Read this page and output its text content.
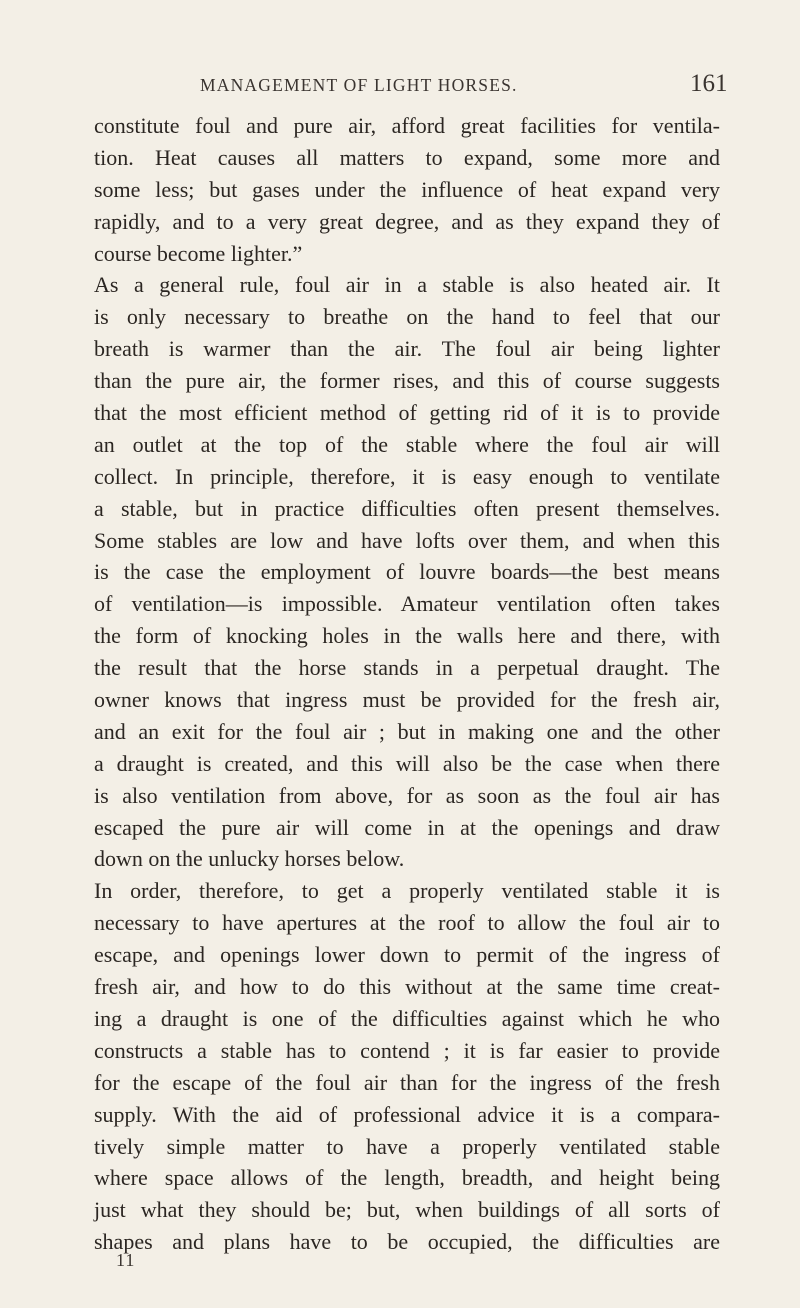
MANAGEMENT OF LIGHT HORSES.	161
constitute foul and pure air, afford great facilities for ventila-
tion. Heat causes all matters to expand, some more and
some less; but gases under the influence of heat expand very
rapidly, and to a very great degree, and as they expand they of
course become lighter.”
As a general rule, foul air in a stable is also heated air. It
is only necessary to breathe on the hand to feel that our
breath is warmer than the air. The foul air being lighter
than the pure air, the former rises, and this of course suggests
that the most efficient method of getting rid of it is to provide
an outlet at the top of the stable where the foul air will
collect. In principle, therefore, it is easy enough to ventilate
a stable, but in practice difficulties often present themselves.
Some stables are low and have lofts over them, and when this
is the case the employment of louvre boards—the best means
of ventilation—is impossible. Amateur ventilation often takes
the form of knocking holes in the walls here and there, with
the result that the horse stands in a perpetual draught. The
owner knows that ingress must be provided for the fresh air,
and an exit for the foul air ; but in making one and the other
a draught is created, and this will also be the case when there
is also ventilation from above, for as soon as the foul air has
escaped the pure air will come in at the openings and draw
down on the unlucky horses below.
In order, therefore, to get a properly ventilated stable it is
necessary to have apertures at the roof to allow the foul air to
escape, and openings lower down to permit of the ingress of
fresh air, and how to do this without at the same time creat-
ing a draught is one of the difficulties against which he who
constructs a stable has to contend ; it is far easier to provide
for the escape of the foul air than for the ingress of the fresh
supply. With the aid of professional advice it is a compara-
tively simple matter to have a properly ventilated stable
where space allows of the length, breadth, and height being
just what they should be; but, when buildings of all sorts of
shapes and plans have to be occupied, the difficulties are
11
